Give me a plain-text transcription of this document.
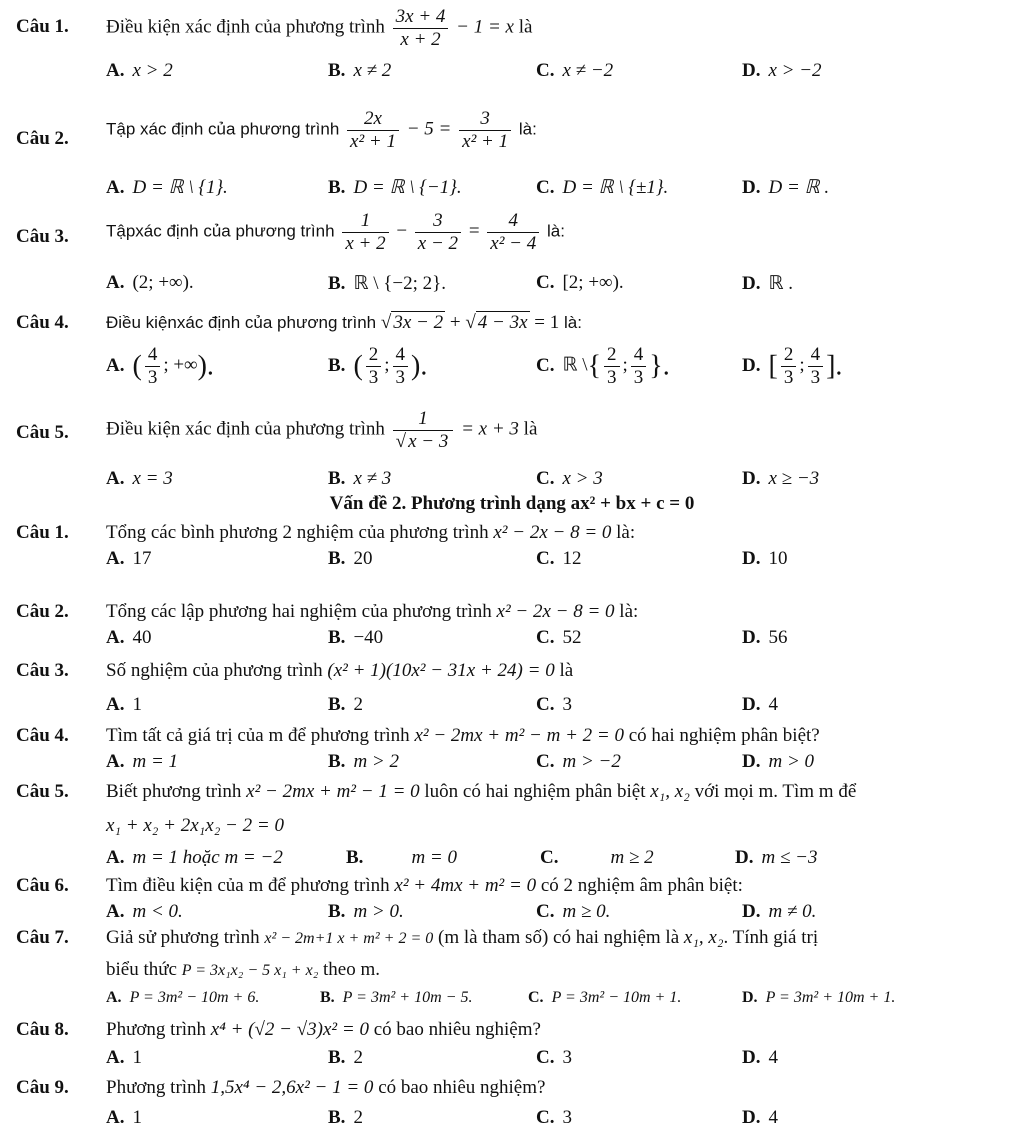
Câu 1. Điều kiện xác định của phương trình $\frac{3x + 4}{x + 2} - 1 = x$ là
A. x > 2	B. x ≠ 2	C. x ≠ −2	D. x > −2
Câu 2. Tập xác định của phương trình $\frac{2x}{\text{x² + 1}} - 5 = \frac{3}{\text{x² + 1}}$ là:
A. D = ℝ \ {1}.	B. D = ℝ \ {−1}.	C. D = ℝ \ {±1}.	D. D = ℝ .
Câu 3. Tậpxác định của phương trình $\frac{1}{x + 2} - \frac{3}{x - 2} = \frac{4}{\text{x² − 4}}$ là:
A. (2; +∞).	B. ℝ \ {−2; 2}.	C. [2; +∞).	D. ℝ .
Câu 4. Điều kiệnxác định của phương trình √ 3x − 2 + √ 4 − 3x = 1 là:
A. ( $\frac{4}{3}$ ; +∞).	B. ( $\frac{2}{3}$ ; $\frac{4}{3}$ ).	C. ℝ \{ $\frac{2}{3}$ ; $\frac{4}{3}$ }.	D. [ $\frac{2}{3}$ ; $\frac{4}{3}$ ].
Câu 5. Điều kiện xác định của phương trình $\frac{1}{√ x - 3} = x + 3$ là
A. x = 3	B. x ≠ 3	C. x > 3	D. x ≥ −3
Vấn đề 2. Phương trình dạng ax² + bx + c = 0
Câu 1. Tổng các bình phương 2 nghiệm của phương trình x² − 2x − 8 = 0 là:
A. 17	B. 20	C. 12	D. 10
Câu 2. Tổng các lập phương hai nghiệm của phương trình x² − 2x − 8 = 0 là:
A. 40	B. −40	C. 52	D. 56
Câu 3. Số nghiệm của phương trình (x² + 1)(10x² − 31x + 24) = 0 là
A. 1	B. 2	C. 3	D. 4
Câu 4. Tìm tất cả giá trị của m để phương trình x² − 2mx + m² − m + 2 = 0 có hai nghiệm phân biệt?
A. m = 1	B. m > 2	C. m > −2	D. m > 0
Câu 5. Biết phương trình x² − 2mx + m² − 1 = 0 luôn có hai nghiệm phân biệt x₁, x₂ với mọi m. Tìm m để
x₁ + x₂ + 2x₁x₂ − 2 = 0
A. m = 1 hoặc m = −2	B.	m = 0	C.	m ≥ 2	D. m ≤ −3
Câu 6. Tìm điều kiện của m để phương trình x² + 4mx + m² = 0 có 2 nghiệm âm phân biệt:
A. m < 0.	B. m > 0.	C. m ≥ 0.	D. m ≠ 0.
Câu 7. Giả sử phương trình x² − 2m+1 x + m² + 2 = 0 (m là tham số) có hai nghiệm là x₁, x₂. Tính giá trị
biểu thức P = 3x₁x₂ − 5 x₁ + x₂ theo m.
A. P = 3m² − 10m + 6.	B. P = 3m² + 10m − 5.	C. P = 3m² − 10m + 1.	D. P = 3m² + 10m + 1.
Câu 8. Phương trình x⁴ + (√2 − √3)x² = 0 có bao nhiêu nghiệm?
A. 1	B. 2	C. 3	D. 4
Câu 9. Phương trình 1,5x⁴ − 2,6x² − 1 = 0 có bao nhiêu nghiệm?
A. 1	B. 2	C. 3	D. 4
